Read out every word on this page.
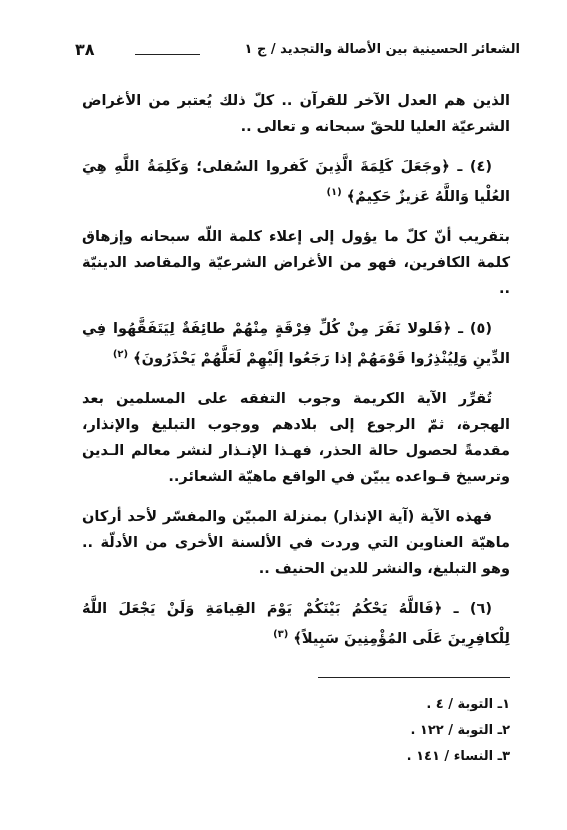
٣٨	الشعائر الحسينية بين الأصالة والتجديد / ج ١

الذين هم العدل الآخر للقرآن .. كلّ ذلك يُعتبر من الأغراض الشرعيّة العليا للحقّ سبحانه و تعالى ..

(٤) ـ ﴿وجَعَلَ كَلِمَةَ الَّذِينَ كَفروا السُفلى؛ وَكَلِمَةُ اللَّهِ هِيَ العُلْيا وَاللَّهُ عَزيزٌ حَكِيمٌ﴾ $^{(١)}$

بتقريب أنّ كلّ ما يؤول إلى إعلاء كلمة اللّه سبحانه وإزهاق كلمة الكافرين، فهو من الأغراض الشرعيّة والمقاصد الدينيّة ..

(٥) ـ ﴿فَلولا نَفَرَ مِنْ كُلِّ فِرْقَةٍ مِنْهُمْ طائِفَةٌ لِيَتَفَقَّهُوا فِي الدِّينِ وَلِيُنْذِرُوا قَوْمَهُمْ إذا رَجَعُوا إلَيْهِمْ لَعَلَّهُمْ يَحْذَرُونَ﴾ $^{(٢)}$

تُقرِّر الآية الكريمة وجوب التفقه على المسلمين بعد الهجرة، ثمّ الرجوع إلى بلادهم ووجوب التبليغ والإنذار، مقدمةً لحصول حالة الحذر، فهـذا الإنـذار لنشر معالم الـدين وترسيخ قـواعده يبيّن في الواقع ماهيّة الشعائر..

فهذه الآية (آية الإنذار) بمنزلة المبيّن والمفسّر لأحد أركان ماهيّة العناوين التي وردت في الألسنة الأخرى من الأدلّة .. وهو التبليغ، والنشر للدين الحنيف ..

(٦) ـ ﴿فَاللَّهُ يَحْكُمُ بَيْنَكُمْ يَوْمَ القِيامَةِ وَلَنْ يَجْعَلَ اللَّهُ لِلْكافِرِينَ عَلَى المُؤْمِنِينَ سَبِيلاً﴾ $^{(٣)}$

١ـ التوبة / ٤ .

٢ـ التوبة / ١٢٢ .

٣ـ النساء / ١٤١ .
